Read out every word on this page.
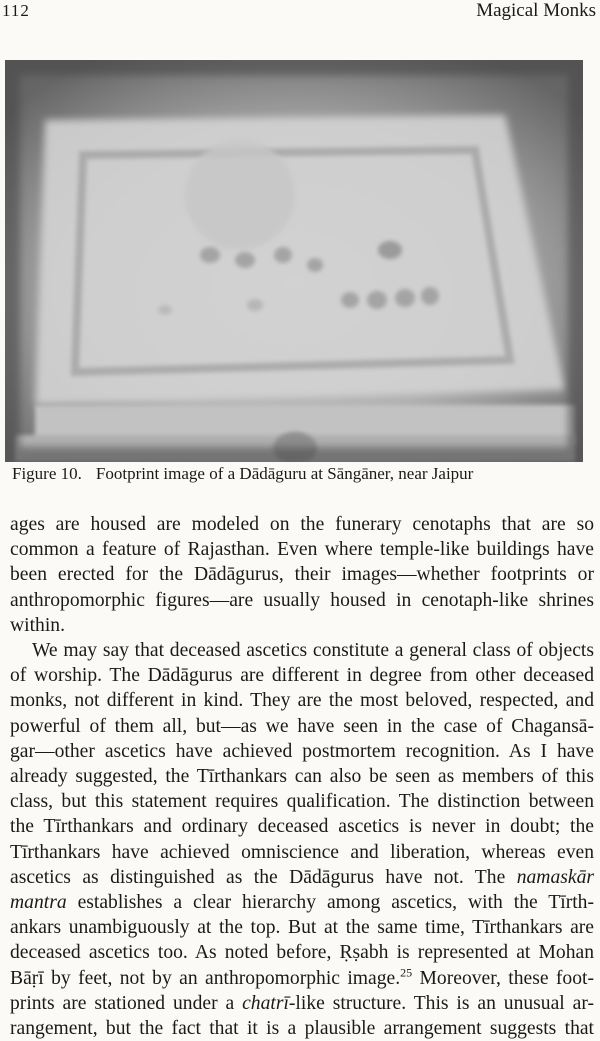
112	Magical Monks
Figure 10. Footprint image of a Dādāguru at Sāngāner, near Jaipur
ages are housed are modeled on the funerary cenotaphs that are so
common a feature of Rajasthan. Even where temple-like buildings have
been erected for the Dādāgurus, their images—whether footprints or
anthropomorphic figures—are usually housed in cenotaph-like shrines
within.
We may say that deceased ascetics constitute a general class of objects
of worship. The Dādāgurus are different in degree from other deceased
monks, not different in kind. They are the most beloved, respected, and
powerful of them all, but—as we have seen in the case of Chagansā-
gar—other ascetics have achieved postmortem recognition. As I have
already suggested, the Tīrthankars can also be seen as members of this
class, but this statement requires qualification. The distinction between
the Tīrthankars and ordinary deceased ascetics is never in doubt; the
Tīrthankars have achieved omniscience and liberation, whereas even
ascetics as distinguished as the Dādāgurus have not. The namaskār
mantra establishes a clear hierarchy among ascetics, with the Tīrth-
ankars unambiguously at the top. But at the same time, Tīrthankars are
deceased ascetics too. As noted before, Ṛṣabh is represented at Mohan
Bāṛī by feet, not by an anthropomorphic image.$^{25}$ Moreover, these foot-
prints are stationed under a chatrī-like structure. This is an unusual ar-
rangement, but the fact that it is a plausible arrangement suggests that
